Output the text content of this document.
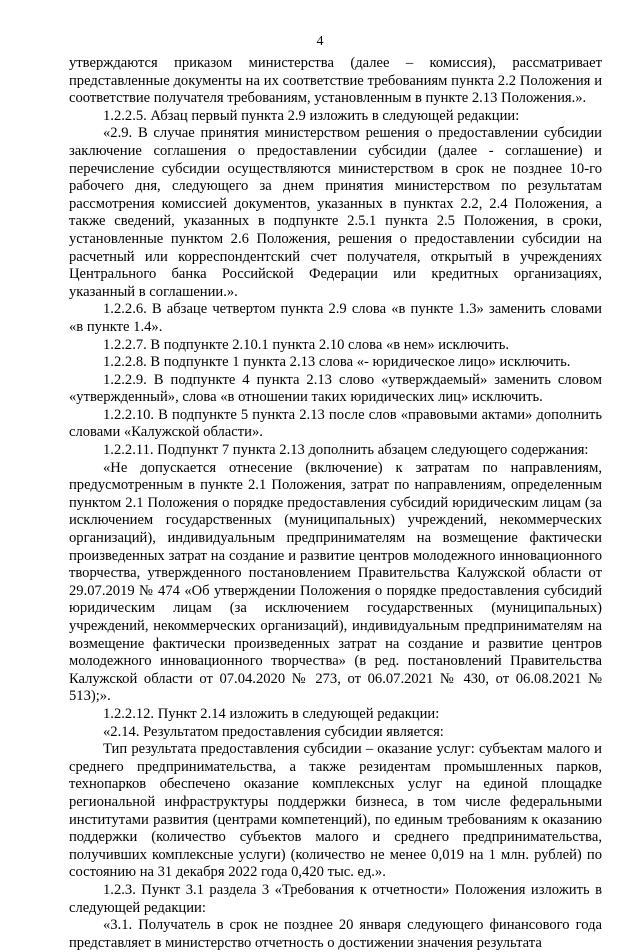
4

утверждаются приказом министерства (далее – комиссия), рассматривает представленные документы на их соответствие требованиям пункта 2.2 Положения и соответствие получателя требованиям, установленным в пункте 2.13 Положения.».

1.2.2.5. Абзац первый пункта 2.9 изложить в следующей редакции:

«2.9. В случае принятия министерством решения о предоставлении субсидии заключение соглашения о предоставлении субсидии (далее - соглашение) и перечисление субсидии осуществляются министерством в срок не позднее 10-го рабочего дня, следующего за днем принятия министерством по результатам рассмотрения комиссией документов, указанных в пунктах 2.2, 2.4 Положения, а также сведений, указанных в подпункте 2.5.1 пункта 2.5 Положения, в сроки, установленные пунктом 2.6 Положения, решения о предоставлении субсидии на расчетный или корреспондентский счет получателя, открытый в учреждениях Центрального банка Российской Федерации или кредитных организациях, указанный в соглашении.».

1.2.2.6. В абзаце четвертом пункта 2.9 слова «в пункте 1.3» заменить словами «в пункте 1.4».

1.2.2.7. В подпункте 2.10.1 пункта 2.10 слова «в нем» исключить.

1.2.2.8. В подпункте 1 пункта 2.13 слова «- юридическое лицо» исключить.

1.2.2.9. В подпункте 4 пункта 2.13 слово «утверждаемый» заменить словом «утвержденный», слова «в отношении таких юридических лиц» исключить.

1.2.2.10. В подпункте 5 пункта 2.13 после слов «правовыми актами» дополнить словами «Калужской области».

1.2.2.11. Подпункт 7 пункта 2.13 дополнить абзацем следующего содержания:

«Не допускается отнесение (включение) к затратам по направлениям, предусмотренным в пункте 2.1 Положения, затрат по направлениям, определенным пунктом 2.1 Положения о порядке предоставления субсидий юридическим лицам (за исключением государственных (муниципальных) учреждений, некоммерческих организаций), индивидуальным предпринимателям на возмещение фактически произведенных затрат на создание и развитие центров молодежного инновационного творчества, утвержденного постановлением Правительства Калужской области от 29.07.2019 № 474 «Об утверждении Положения о порядке предоставления субсидий юридическим лицам (за исключением государственных (муниципальных) учреждений, некоммерческих организаций), индивидуальным предпринимателям на возмещение фактически произведенных затрат на создание и развитие центров молодежного инновационного творчества» (в ред. постановлений Правительства Калужской области от 07.04.2020 № 273, от 06.07.2021 № 430, от 06.08.2021 № 513);».

1.2.2.12. Пункт 2.14 изложить в следующей редакции:

«2.14. Результатом предоставления субсидии является:

Тип результата предоставления субсидии – оказание услуг: субъектам малого и среднего предпринимательства, а также резидентам промышленных парков, технопарков обеспечено оказание комплексных услуг на единой площадке региональной инфраструктуры поддержки бизнеса, в том числе федеральными институтами развития (центрами компетенций), по единым требованиям к оказанию поддержки (количество субъектов малого и среднего предпринимательства, получивших комплексные услуги) (количество не менее 0,019 на 1 млн. рублей) по состоянию на 31 декабря 2022 года 0,420 тыс. ед.».

1.2.3. Пункт 3.1 раздела 3 «Требования к отчетности» Положения изложить в следующей редакции:

«3.1. Получатель в срок не позднее 20 января следующего финансового года представляет в министерство отчетность о достижении значения результата
